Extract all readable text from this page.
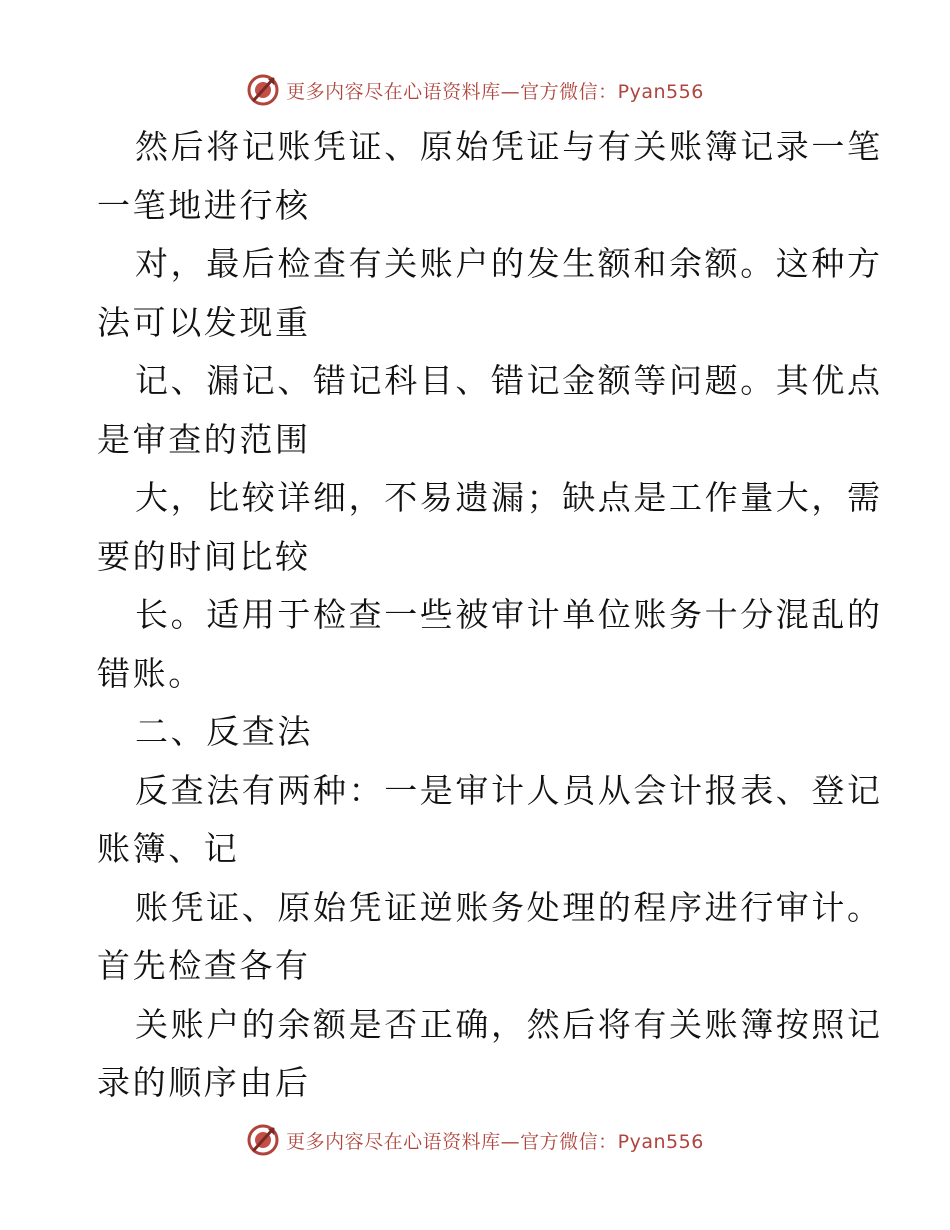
更多内容尽在心语资料库—官方微信：Pyan556

然后将记账凭证、原始凭证与有关账簿记录一笔
一笔地进行核

对，最后检查有关账户的发生额和余额。这种方
法可以发现重

记、漏记、错记科目、错记金额等问题。其优点
是审查的范围

大，比较详细，不易遗漏；缺点是工作量大，需
要的时间比较

长。适用于检查一些被审计单位账务十分混乱的
错账。

二、反查法

反查法有两种：一是审计人员从会计报表、登记
账簿、记

账凭证、原始凭证逆账务处理的程序进行审计。
首先检查各有

关账户的余额是否正确，然后将有关账簿按照记
录的顺序由后

更多内容尽在心语资料库—官方微信：Pyan556
